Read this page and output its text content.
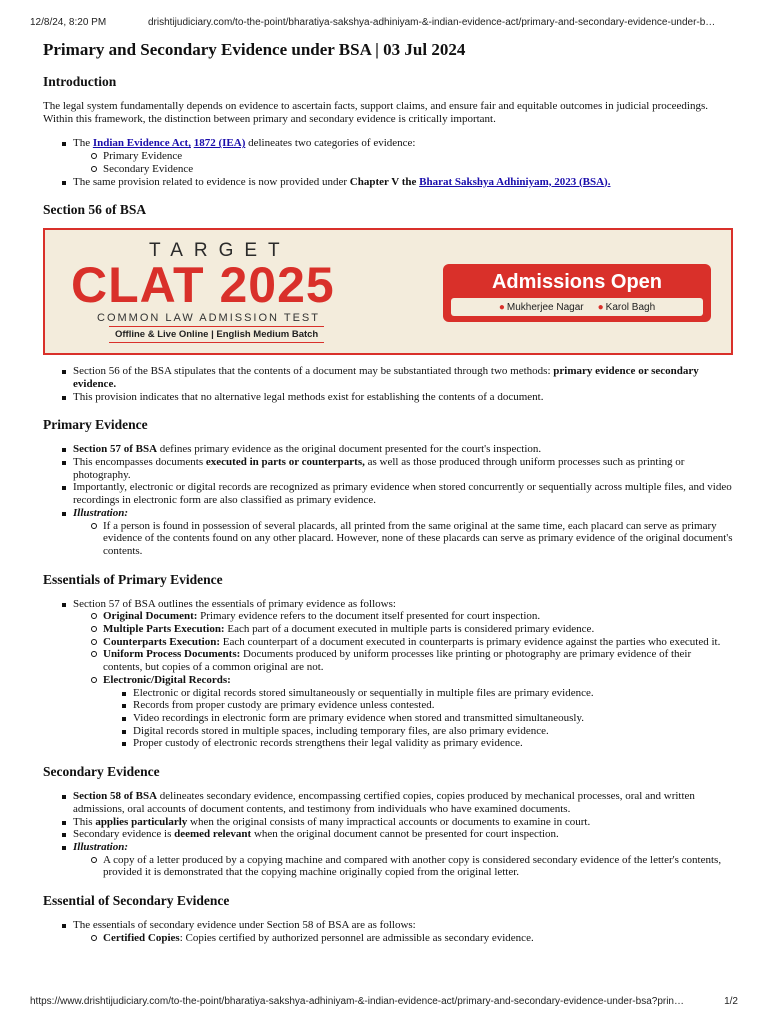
12/8/24, 8:20 PM	drishtijudiciary.com/to-the-point/bharatiya-sakshya-adhiniyam-&-indian-evidence-act/primary-and-secondary-evidence-under-b…
Primary and Secondary Evidence under BSA | 03 Jul 2024
Introduction

The legal system fundamentally depends on evidence to ascertain facts, support claims, and ensure fair and equitable outcomes in judicial proceedings. Within this framework, the distinction between primary and secondary evidence is critically important.

The Indian Evidence Act, 1872 (IEA) delineates two categories of evidence:
Primary Evidence
Secondary Evidence
The same provision related to evidence is now provided under Chapter V the Bharat Sakshya Adhiniyam, 2023 (BSA).
Section 56 of BSA
TARGET
CLAT 2025
COMMON LAW ADMISSION TEST
Offline & Live Online | English Medium Batch
Admissions Open
● Mukherjee Nagar ● Karol Bagh
Section 56 of the BSA stipulates that the contents of a document may be substantiated through two methods: primary evidence or secondary evidence.
This provision indicates that no alternative legal methods exist for establishing the contents of a document.
Primary Evidence
Section 57 of BSA defines primary evidence as the original document presented for the court's inspection.
This encompasses documents executed in parts or counterparts, as well as those produced through uniform processes such as printing or photography.
Importantly, electronic or digital records are recognized as primary evidence when stored concurrently or sequentially across multiple files, and video recordings in electronic form are also classified as primary evidence.
Illustration:
If a person is found in possession of several placards, all printed from the same original at the same time, each placard can serve as primary evidence of the contents found on any other placard. However, none of these placards can serve as primary evidence of the original document's contents.
Essentials of Primary Evidence
Section 57 of BSA outlines the essentials of primary evidence as follows:
Original Document: Primary evidence refers to the document itself presented for court inspection.
Multiple Parts Execution: Each part of a document executed in multiple parts is considered primary evidence.
Counterparts Execution: Each counterpart of a document executed in counterparts is primary evidence against the parties who executed it.
Uniform Process Documents: Documents produced by uniform processes like printing or photography are primary evidence of their contents, but copies of a common original are not.
Electronic/Digital Records:
Electronic or digital records stored simultaneously or sequentially in multiple files are primary evidence.
Records from proper custody are primary evidence unless contested.
Video recordings in electronic form are primary evidence when stored and transmitted simultaneously.
Digital records stored in multiple spaces, including temporary files, are also primary evidence.
Proper custody of electronic records strengthens their legal validity as primary evidence.
Secondary Evidence
Section 58 of BSA delineates secondary evidence, encompassing certified copies, copies produced by mechanical processes, oral and written admissions, oral accounts of document contents, and testimony from individuals who have examined documents.
This applies particularly when the original consists of many impractical accounts or documents to examine in court.
Secondary evidence is deemed relevant when the original document cannot be presented for court inspection.
Illustration:
A copy of a letter produced by a copying machine and compared with another copy is considered secondary evidence of the letter's contents, provided it is demonstrated that the copying machine originally copied from the original letter.
Essential of Secondary Evidence
The essentials of secondary evidence under Section 58 of BSA are as follows:
Certified Copies: Copies certified by authorized personnel are admissible as secondary evidence.
https://www.drishtijudiciary.com/to-the-point/bharatiya-sakshya-adhiniyam-&-indian-evidence-act/primary-and-secondary-evidence-under-bsa?prin…	1/2
